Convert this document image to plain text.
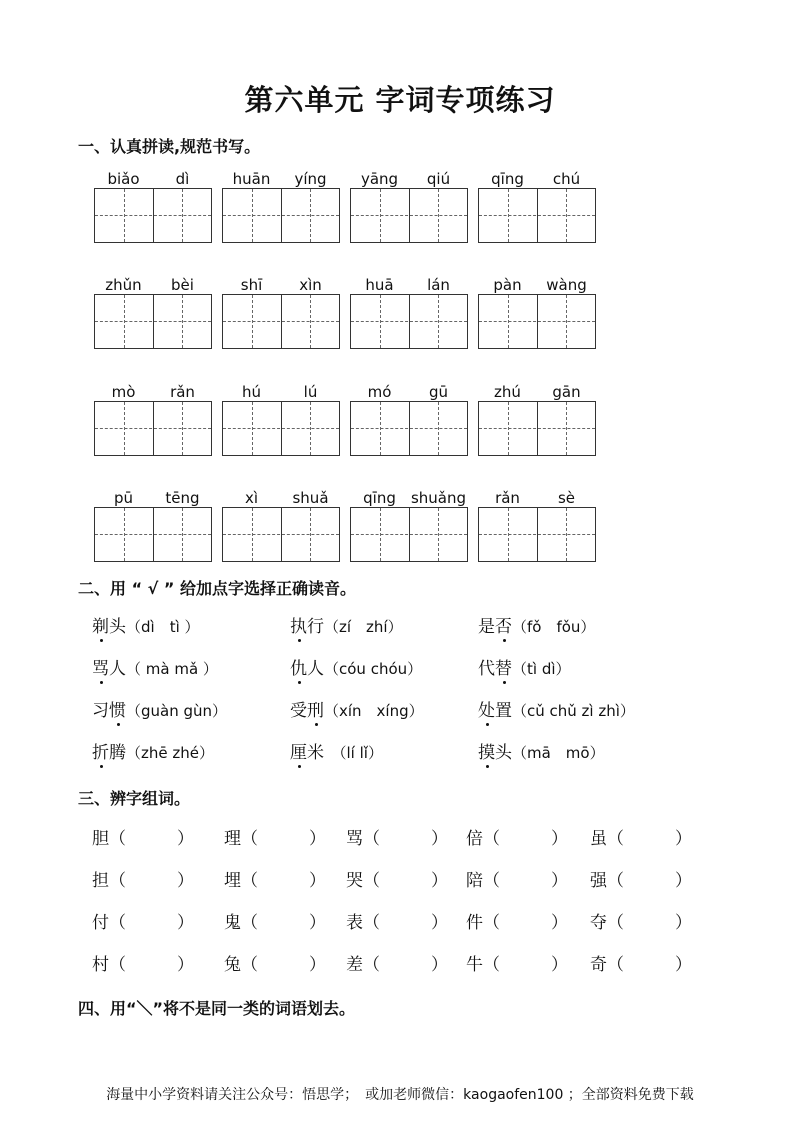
第六单元 字词专项练习
一、认真拼读,规范书写。
biǎo	dì	huān	yíng	yāng	qiú	qīng	chú
zhǔn	bèi	shī	xìn	huā	lán	pàn	wàng
mò	rǎn	hú	lú	mó	gū	zhú	gān
pū	tēng	xì	shuǎ	qīng	shuǎng	rǎn	sè
二、用 “ √ ” 给加点字选择正确读音。
剃头（dì　tì ）	执行（zí　zhí）	是否（fǒ　fǒu）
骂人（ mà mǎ ）	仇人（cóu chóu）	代替（tì dì）
习惯（guàn gùn）	受刑（xín　xíng）	处置（cǔ chǔ zì zhì）
折腾（zhē zhé）	厘米　（lí lǐ）	摸头（mā　mō）
三、辨字组词。
胆（　　　） 理（　　　） 骂（　　　） 倍（　　　） 虽（　　　）
担（　　　） 埋（　　　） 哭（　　　） 陪（　　　） 强（　　　）
付（　　　） 鬼（　　　） 表（　　　） 件（　　　） 夺（　　　）
村（　　　） 兔（　　　） 差（　　　） 牛（　　　） 奇（　　　）
四、用“＼”将不是同一类的词语划去。
海量中小学资料请关注公众号：悟思学；　或加老师微信：kaogaofen100 ；全部资料免费下载
